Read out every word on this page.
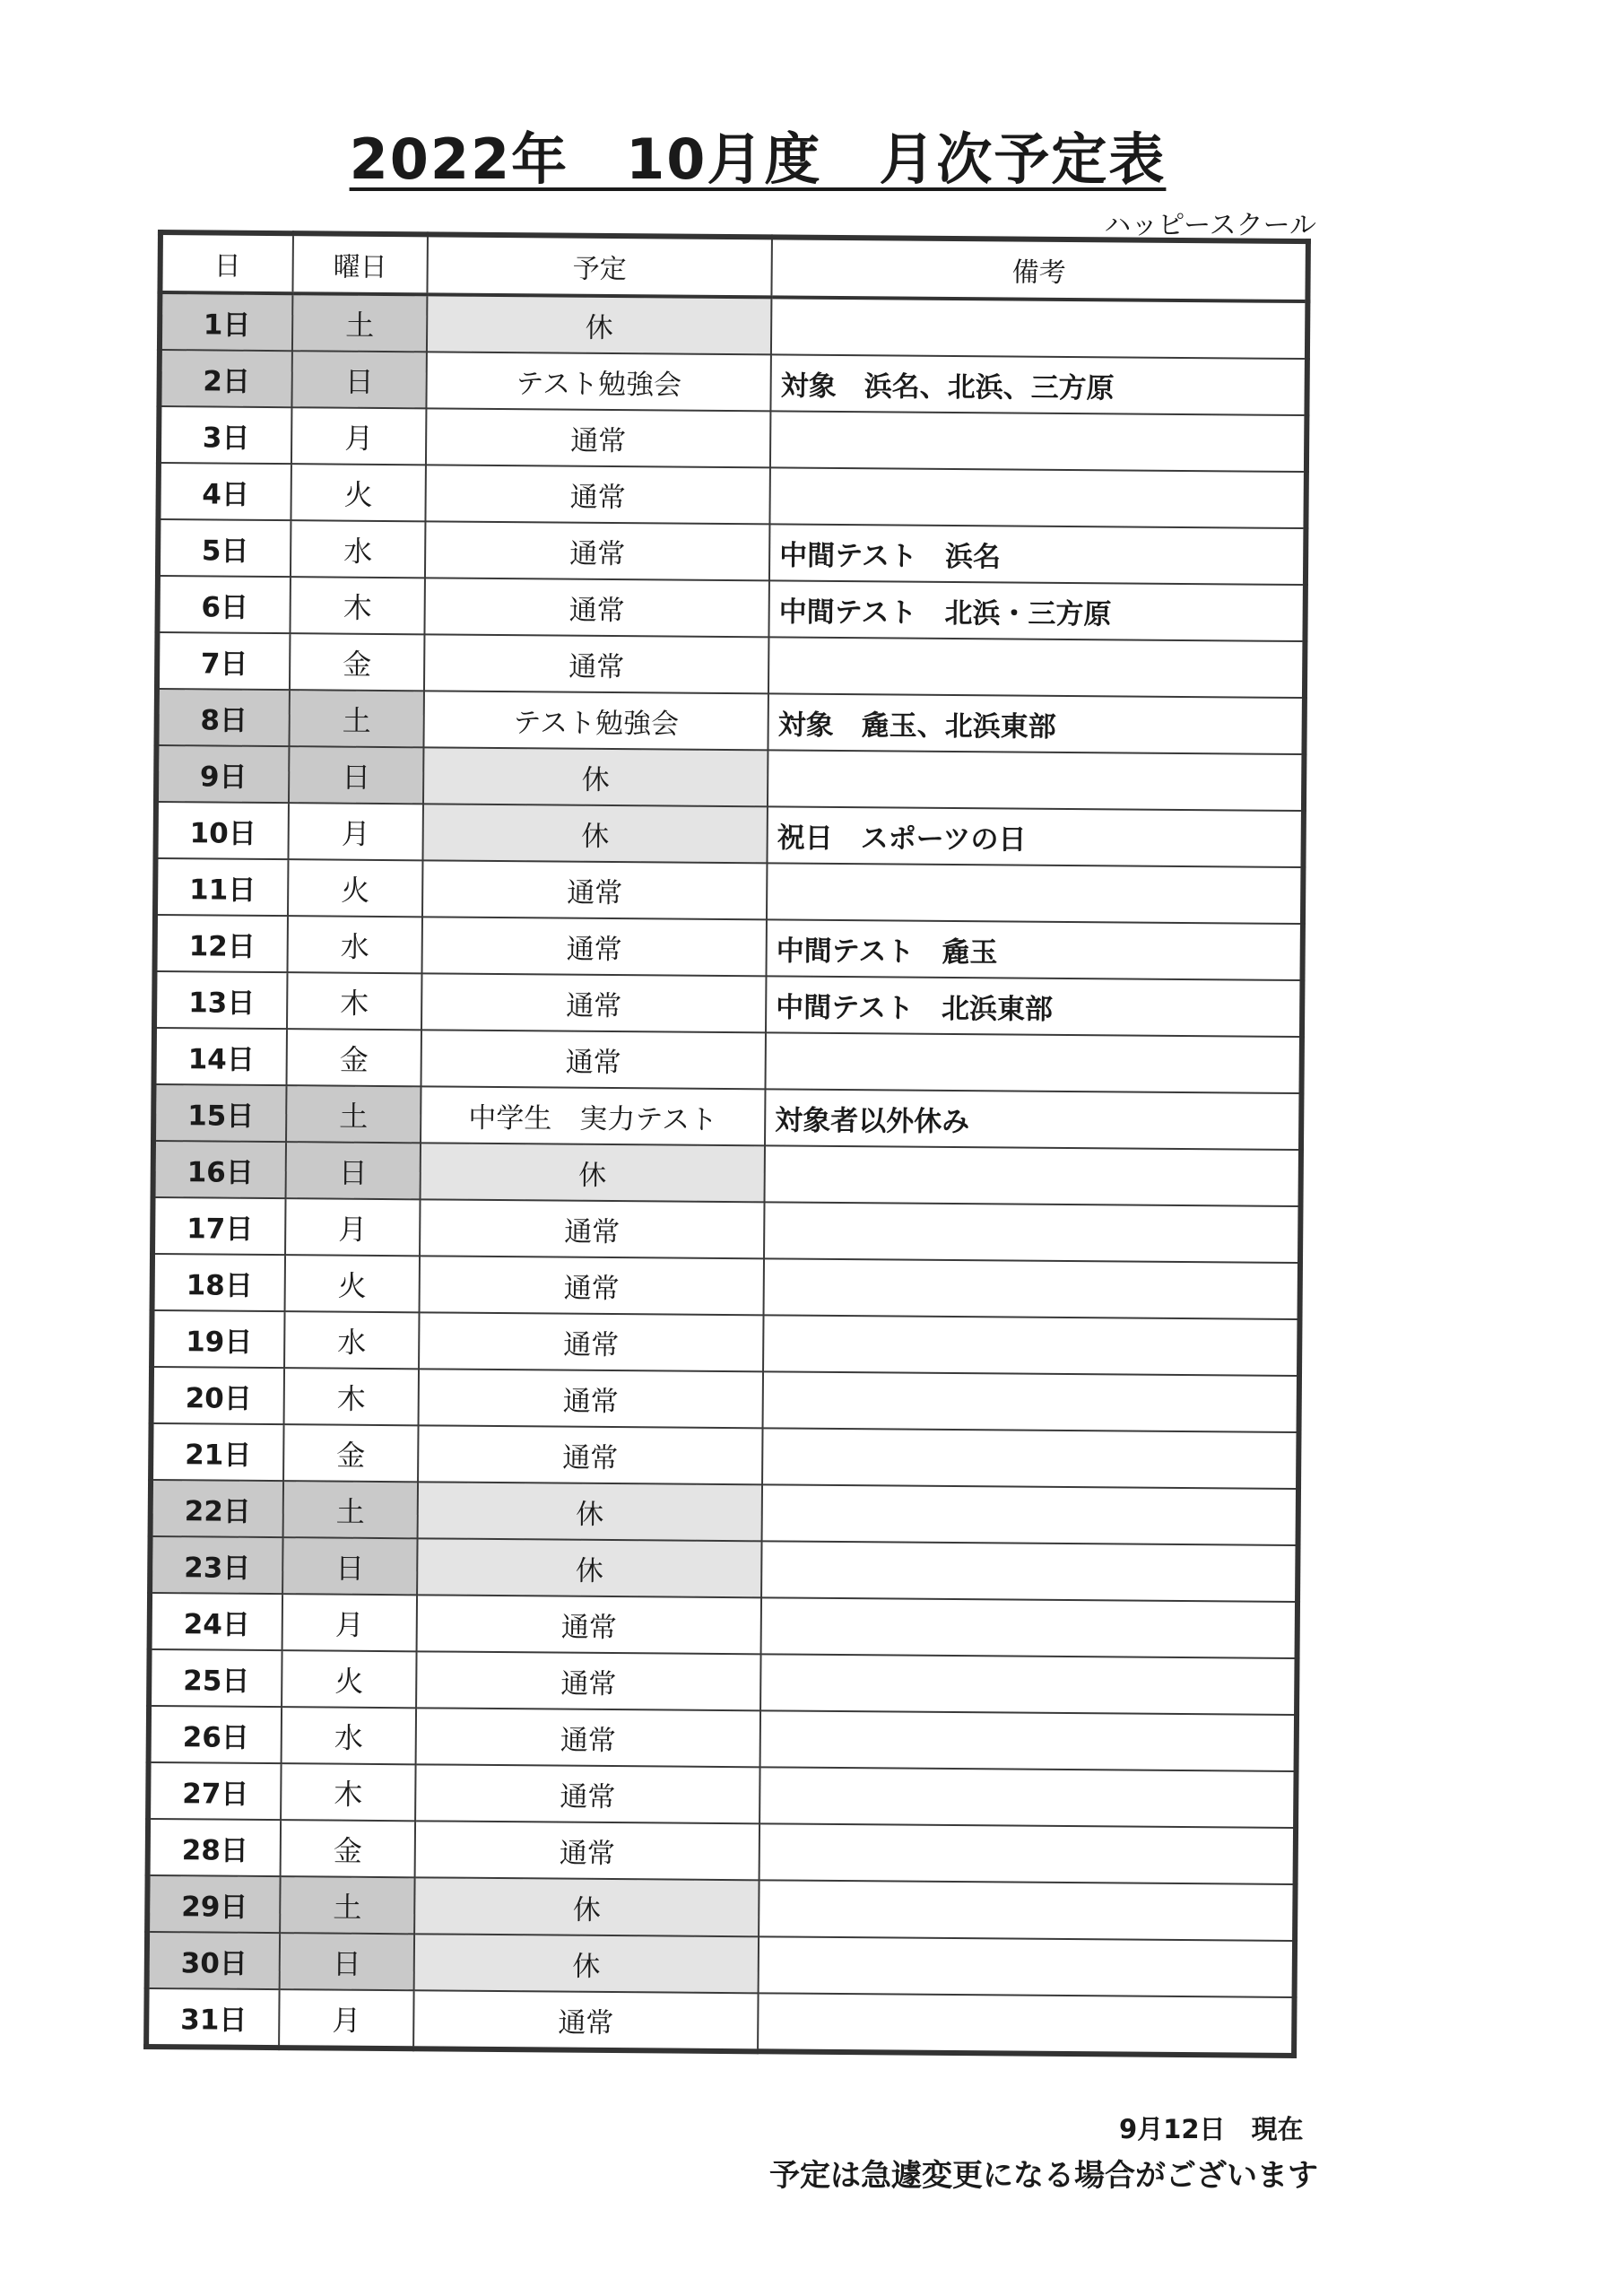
2022年　10月度　月次予定表
ハッピースクール
日	曜日	予定	備考
1日	土	休	
2日	日	テスト勉強会	対象　浜名、北浜、三方原
3日	月	通常	
4日	火	通常	
5日	水	通常	中間テスト　浜名
6日	木	通常	中間テスト　北浜・三方原
7日	金	通常	
8日	土	テスト勉強会	対象　麁玉、北浜東部
9日	日	休	
10日	月	休	祝日　スポーツの日
11日	火	通常	
12日	水	通常	中間テスト　麁玉
13日	木	通常	中間テスト　北浜東部
14日	金	通常	
15日	土	中学生　実力テスト	対象者以外休み
16日	日	休	
17日	月	通常	
18日	火	通常	
19日	水	通常	
20日	木	通常	
21日	金	通常	
22日	土	休	
23日	日	休	
24日	月	通常	
25日	火	通常	
26日	水	通常	
27日	木	通常	
28日	金	通常	
29日	土	休	
30日	日	休	
31日	月	通常	
9月12日　現在
予定は急遽変更になる場合がございます
